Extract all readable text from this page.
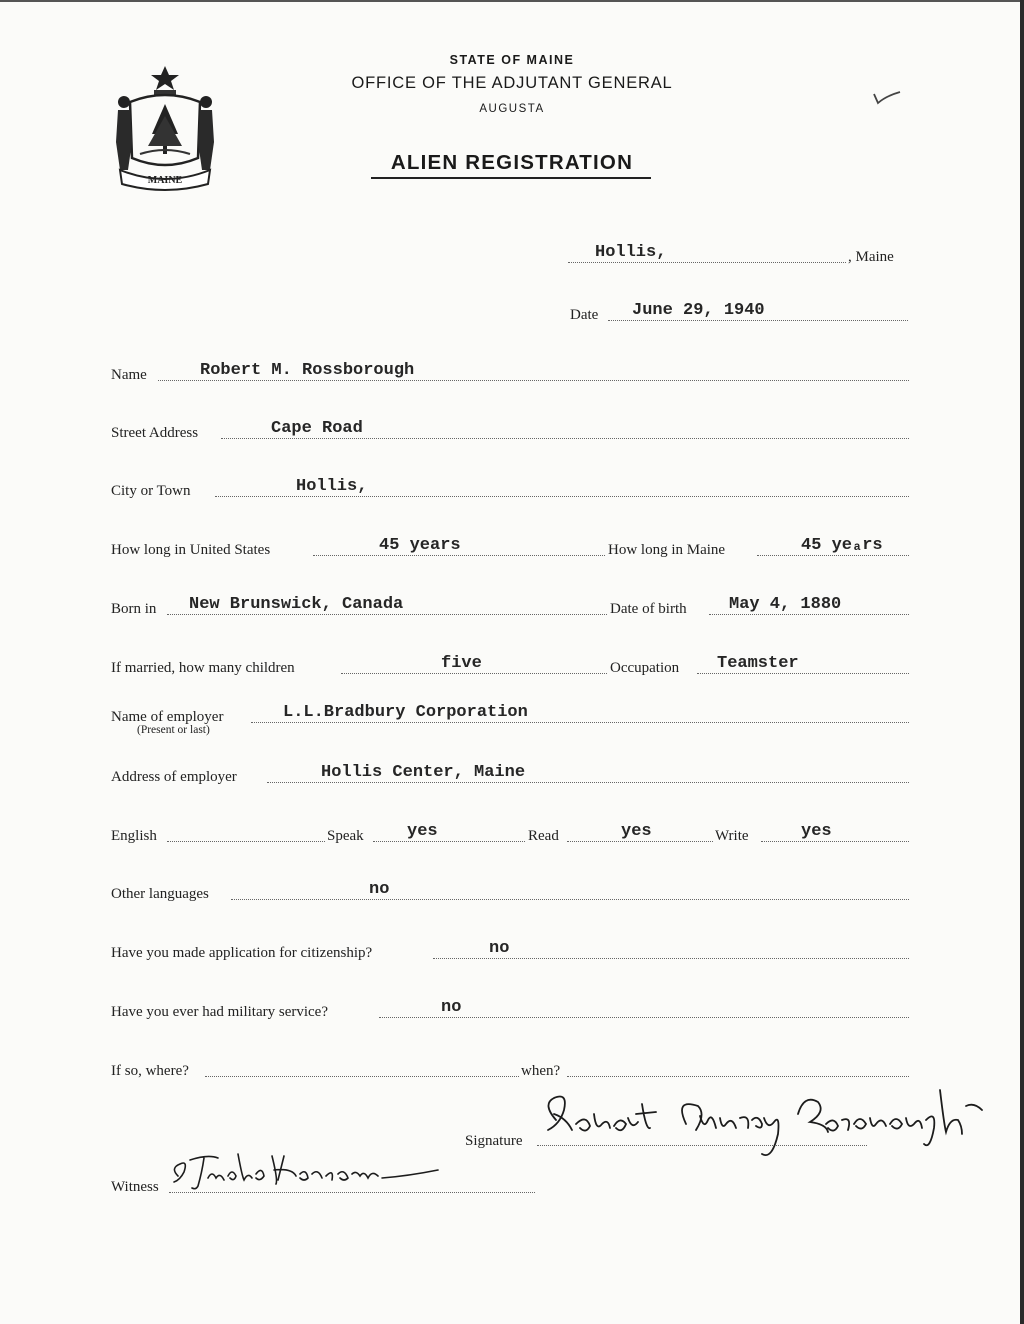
MAINE
STATE OF MAINE
OFFICE OF THE ADJUTANT GENERAL
AUGUSTA
ALIEN REGISTRATION
Hollis,	, Maine
Date June 29, 1940
Name	Robert M. Rossborough
Street Address	Cape Road
City or Town	Hollis,
How long in United States	45 years	How long in Maine	45 yeₐrs
Born in New Brunswick, Canada	Date of birth May 4, 1880
If married, how many children	five	Occupation Teamster
Name of employer	L.L.Bradbury Corporation
(Present or last)
Address of employer	Hollis Center, Maine
English	Speak	yes	Read	yes	Write	yes
Other languages	no
Have you made application for citizenship?	no
Have you ever had military service?	no
If so, where?	when?
Signature
Witness
